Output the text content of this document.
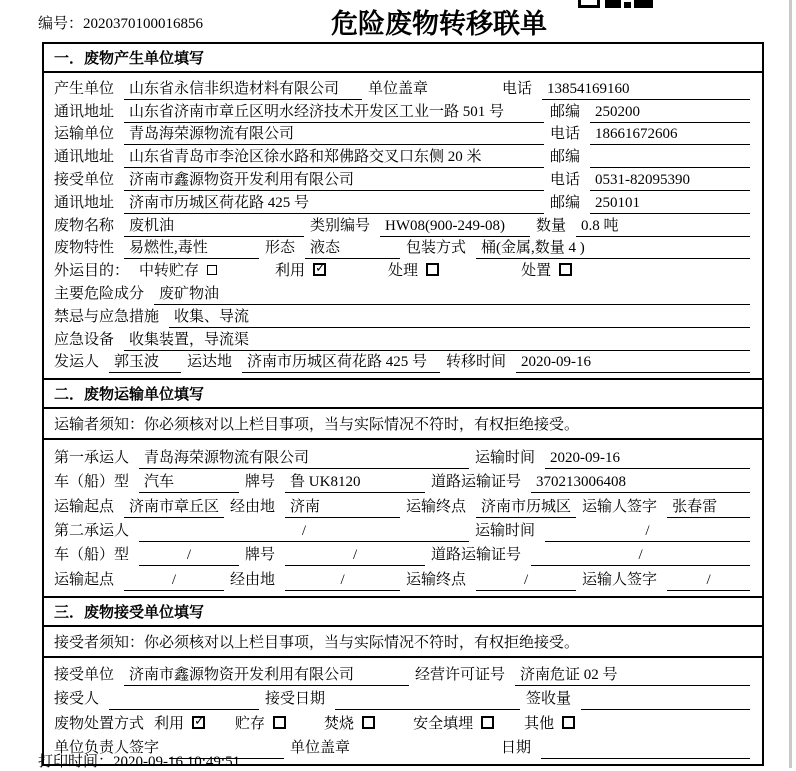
编号：2020370100016856	危险废物转移联单
一．废物产生单位填写
产生单位	山东省永信非织造材料有限公司	单位盖章	电话	13854169160
通讯地址	山东省济南市章丘区明水经济技术开发区工业一路 501 号	邮编	250200
运输单位	青岛海荣源物流有限公司	电话	18661672606
通讯地址	山东省青岛市李沧区徐水路和郑佛路交叉口东侧 20 米	邮编
接受单位	济南市鑫源物资开发利用有限公司	电话	0531-82095390
通讯地址	济南市历城区荷花路 425 号	邮编	250101
废物名称	废机油	类别编号	HW08(900-249-08)	数量	0.8 吨
废物特性	易燃性,毒性	形态	液态	包装方式	桶(金属,数量 4 )
外运目的： 中转贮存	利用 ✓	处理	处置
主要危险成分	废矿物油
禁忌与应急措施	收集、导流
应急设备	收集装置，导流渠
发运人	郭玉波	运达地	济南市历城区荷花路 425 号	转移时间	2020-09-16
二．废物运输单位填写
运输者须知：你必须核对以上栏目事项，当与实际情况不符时，有权拒绝接受。
第一承运人	青岛海荣源物流有限公司	运输时间	2020-09-16
车（船）型	汽车	牌号	鲁 UK8120	道路运输证号	370213006408
运输起点	济南市章丘区 经由地	济南	运输终点	济南市历城区 运输人签字	张春雷
第二承运人	/	运输时间	/
车（船）型	/	牌号	/	道路运输证号	/
运输起点	/	经由地	/	运输终点	/	运输人签字	/
三．废物接受单位填写
接受者须知：你必须核对以上栏目事项，当与实际情况不符时，有权拒绝接受。
接受单位	济南市鑫源物资开发利用有限公司	经营许可证号	济南危证 02 号
接受人	接受日期	签收量
废物处置方式 利用 ✓	贮存	焚烧	安全填埋	其他
单位负责人签字	单位盖章	日期
打印时间：2020-09-16 10:49:51
